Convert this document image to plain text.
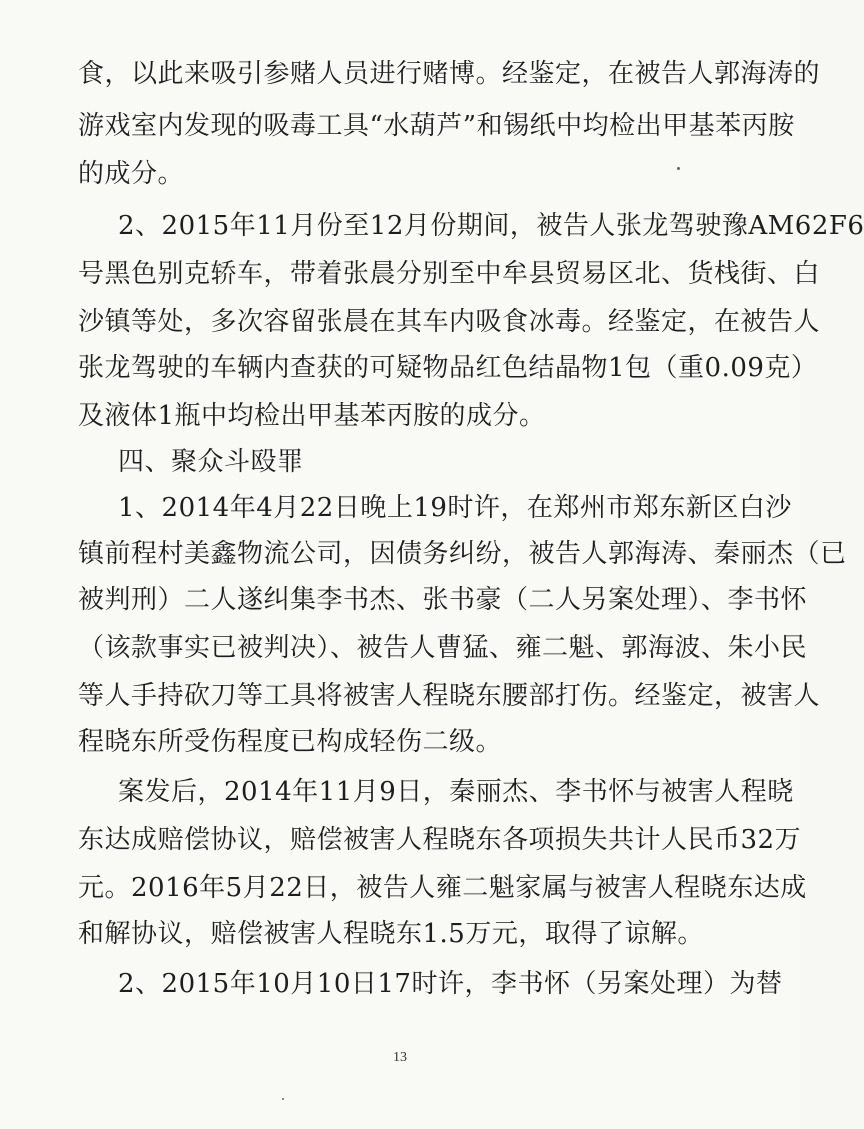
食，以此来吸引参赌人员进行赌博。经鉴定，在被告人郭海涛的
游戏室内发现的吸毒工具“水葫芦”和锡纸中均检出甲基苯丙胺
的成分。
2、2015年11月份至12月份期间，被告人张龙驾驶豫AM62F6
号黑色别克轿车，带着张晨分别至中牟县贸易区北、货栈街、白
沙镇等处，多次容留张晨在其车内吸食冰毒。经鉴定，在被告人
张龙驾驶的车辆内查获的可疑物品红色结晶物1包（重0.09克）
及液体1瓶中均检出甲基苯丙胺的成分。
四、聚众斗殴罪
1、2014年4月22日晚上19时许，在郑州市郑东新区白沙
镇前程村美鑫物流公司，因债务纠纷，被告人郭海涛、秦丽杰（已
被判刑）二人遂纠集李书杰、张书豪（二人另案处理）、李书怀
（该款事实已被判决）、被告人曹猛、雍二魁、郭海波、朱小民
等人手持砍刀等工具将被害人程晓东腰部打伤。经鉴定，被害人
程晓东所受伤程度已构成轻伤二级。
案发后，2014年11月9日，秦丽杰、李书怀与被害人程晓
东达成赔偿协议，赔偿被害人程晓东各项损失共计人民币32万
元。2016年5月22日，被告人雍二魁家属与被害人程晓东达成
和解协议，赔偿被害人程晓东1.5万元，取得了谅解。
2、2015年10月10日17时许，李书怀（另案处理）为替
13
